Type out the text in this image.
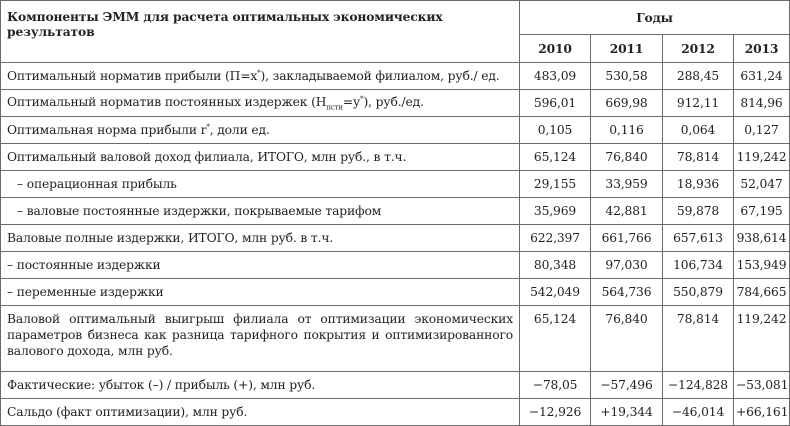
Компоненты ЭММ для расчета оптимальных экономических результатов	Годы			
	2010	2011	2012	2013
Оптимальный норматив прибыли (П=х*), закладываемой филиалом, руб./ ед.	483,09	530,58	288,45	631,24
Оптимальный норматив постоянных издержек $(Н_{пстн}=у^*)$, руб./ед.	596,01	669,98	912,11	814,96
Оптимальная норма прибыли r*, доли ед.	0,105	0,116	0,064	0,127
Оптимальный валовой доход филиала, ИТОГО, млн руб., в т.ч.	65,124	76,840	78,814	119,242
– операционная прибыль	29,155	33,959	18,936	52,047
– валовые постоянные издержки, покрываемые тарифом	35,969	42,881	59,878	67,195
Валовые полные издержки, ИТОГО, млн руб. в т.ч.	622,397	661,766	657,613	938,614
– постоянные издержки	80,348	97,030	106,734	153,949
– переменные издержки	542,049	564,736	550,879	784,665
Валовой оптимальный выигрыш филиала от оптимизации экономических параметров бизнеса как разница тарифного покрытия и оптимизированного валового дохода, млн руб.	65,124	76,840	78,814	119,242
Фактические: убыток (–) / прибыль (+), млн руб.	−78,05	−57,496	−124,828	−53,081
Сальдо (факт оптимизации), млн руб.	−12,926	+19,344	−46,014	+66,161
